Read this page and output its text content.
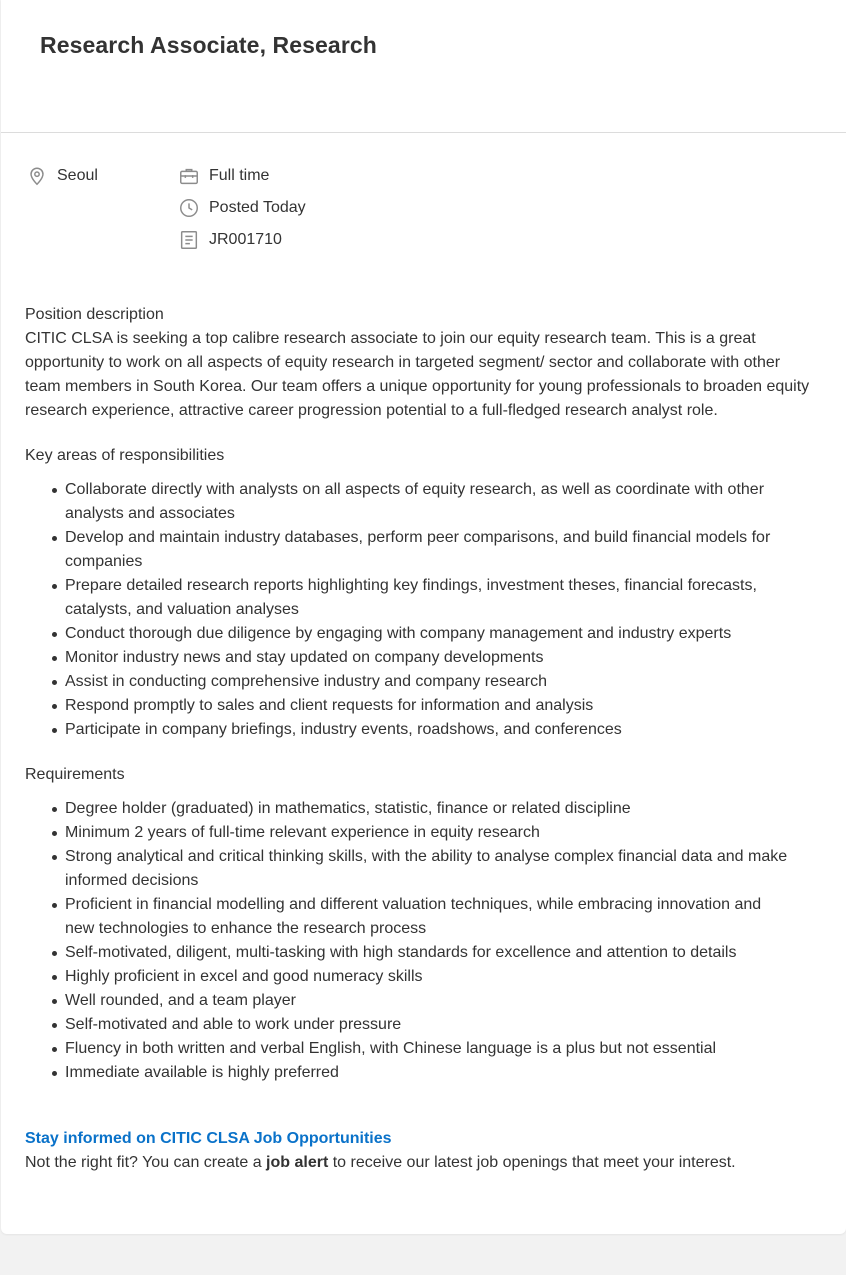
Research Associate, Research
Seoul	Full time
Posted Today
JR001710

Position description

CITIC CLSA is seeking a top calibre research associate to join our equity research team. This is a great opportunity to work on all aspects of equity research in targeted segment/ sector and collaborate with other team members in South Korea. Our team offers a unique opportunity for young professionals to broaden equity research experience, attractive career progression potential to a full-fledged research analyst role.

Key areas of responsibilities

Collaborate directly with analysts on all aspects of equity research, as well as coordinate with other analysts and associates
Develop and maintain industry databases, perform peer comparisons, and build financial models for companies
Prepare detailed research reports highlighting key findings, investment theses, financial forecasts, catalysts, and valuation analyses
Conduct thorough due diligence by engaging with company management and industry experts
Monitor industry news and stay updated on company developments
Assist in conducting comprehensive industry and company research
Respond promptly to sales and client requests for information and analysis
Participate in company briefings, industry events, roadshows, and conferences

Requirements

Degree holder (graduated) in mathematics, statistic, finance or related discipline
Minimum 2 years of full-time relevant experience in equity research
Strong analytical and critical thinking skills, with the ability to analyse complex financial data and make informed decisions
Proficient in financial modelling and different valuation techniques, while embracing innovation and new technologies to enhance the research process
Self-motivated, diligent, multi-tasking with high standards for excellence and attention to details
Highly proficient in excel and good numeracy skills
Well rounded, and a team player
Self-motivated and able to work under pressure
Fluency in both written and verbal English, with Chinese language is a plus but not essential
Immediate available is highly preferred
Stay informed on CITIC CLSA Job Opportunities

Not the right fit? You can create a job alert to receive our latest job openings that meet your interest.
